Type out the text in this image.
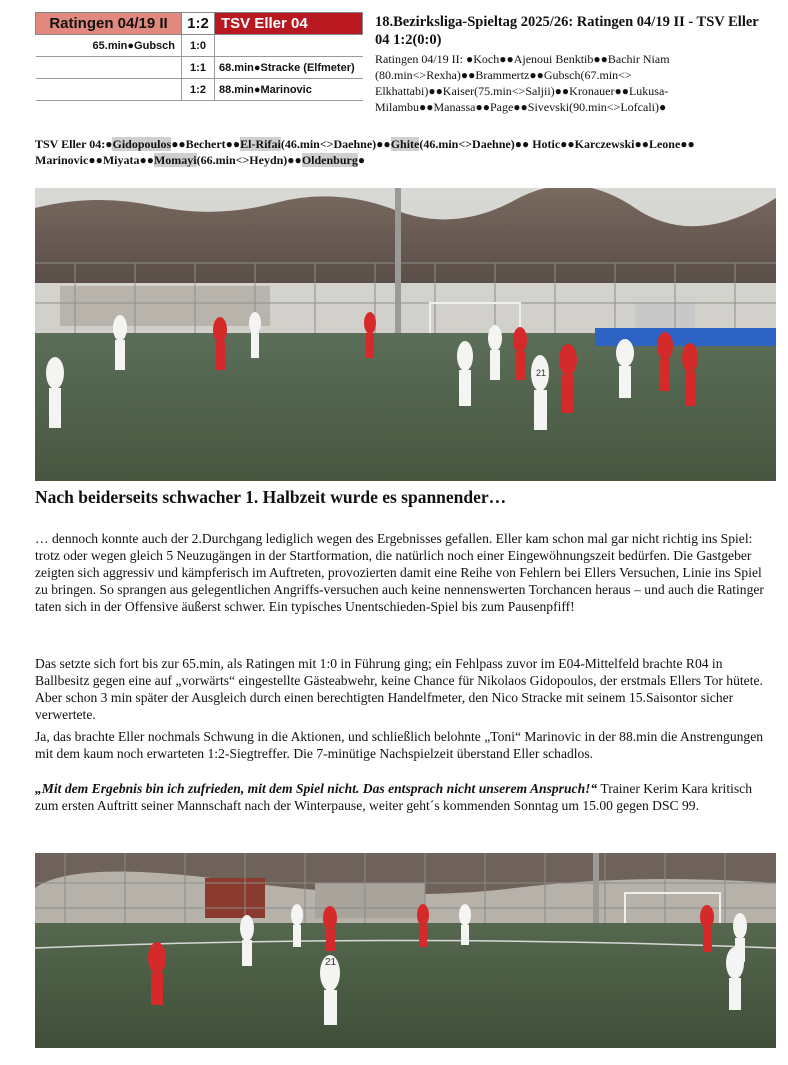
Ratingen 04/19 II	1:2	TSV Eller 04
65.min●Gubsch	1:0	
	1:1	68.min●Stracke (Elfmeter)
	1:2	88.min●Marinovic

18.Bezirksliga-Spieltag 2025/26: Ratingen 04/19 II - TSV Eller 04 1:2(0:0)

Ratingen 04/19 II: ●Koch●●Ajenoui Benktib●●Bachir Niam (80.min<>Rexha)●●Brammertz●●Gubsch(67.min<> Elkhattabi)●●Kaiser(75.min<>Saljii)●●Kronauer●●Lukusa-Milambu●●Manassa●●Page●●Sivevski(90.min<>Lofcali)●

TSV Eller 04:●Gidopoulos●●Bechert●●El-Rifai(46.min<>Daehne)●●Ghite(46.min<>Daehne)●● Hotic●●Karczewski●●Leone●● Marinovic●●Miyata●●Momayi(66.min<>Heydn)●●Oldenburg●

21
Nach beiderseits schwacher 1. Halbzeit wurde es spannender…

… dennoch konnte auch der 2.Durchgang lediglich wegen des Ergebnisses gefallen. Eller kam schon mal gar nicht richtig ins Spiel: trotz oder wegen gleich 5 Neuzugängen in der Startformation, die natürlich noch einer Eingewöhnungszeit bedürfen. Die Gastgeber zeigten sich aggressiv und kämpferisch im Auftreten, provozierten damit eine Reihe von Fehlern bei Ellers Versuchen, Linie ins Spiel zu bringen. So sprangen aus gelegentlichen Angriffs-versuchen auch keine nennenswerten Torchancen heraus – und auch die Ratinger taten sich in der Offensive äußerst schwer. Ein typisches Unentschieden-Spiel bis zum Pausenpfiff!

Das setzte sich fort bis zur 65.min, als Ratingen mit 1:0 in Führung ging; ein Fehlpass zuvor im E04-Mittelfeld brachte R04 in Ballbesitz gegen eine auf „vorwärts“ eingestellte Gästeabwehr, keine Chance für Nikolaos Gidopoulos, der erstmals Ellers Tor hütete. Aber schon 3 min später der Ausgleich durch einen berechtigten Handelfmeter, den Nico Stracke mit seinem 15.Saisontor sicher verwertete.

Ja, das brachte Eller nochmals Schwung in die Aktionen, und schließlich belohnte „Toni“ Marinovic in der 88.min die Anstrengungen mit dem kaum noch erwarteten 1:2-Siegtreffer. Die 7-minütige Nachspielzeit überstand Eller schadlos.

„Mit dem Ergebnis bin ich zufrieden, mit dem Spiel nicht. Das entsprach nicht unserem Anspruch!“ Trainer Kerim Kara kritisch zum ersten Auftritt seiner Mannschaft nach der Winterpause, weiter geht´s kommenden Sonntag um 15.00 gegen DSC 99.

21
